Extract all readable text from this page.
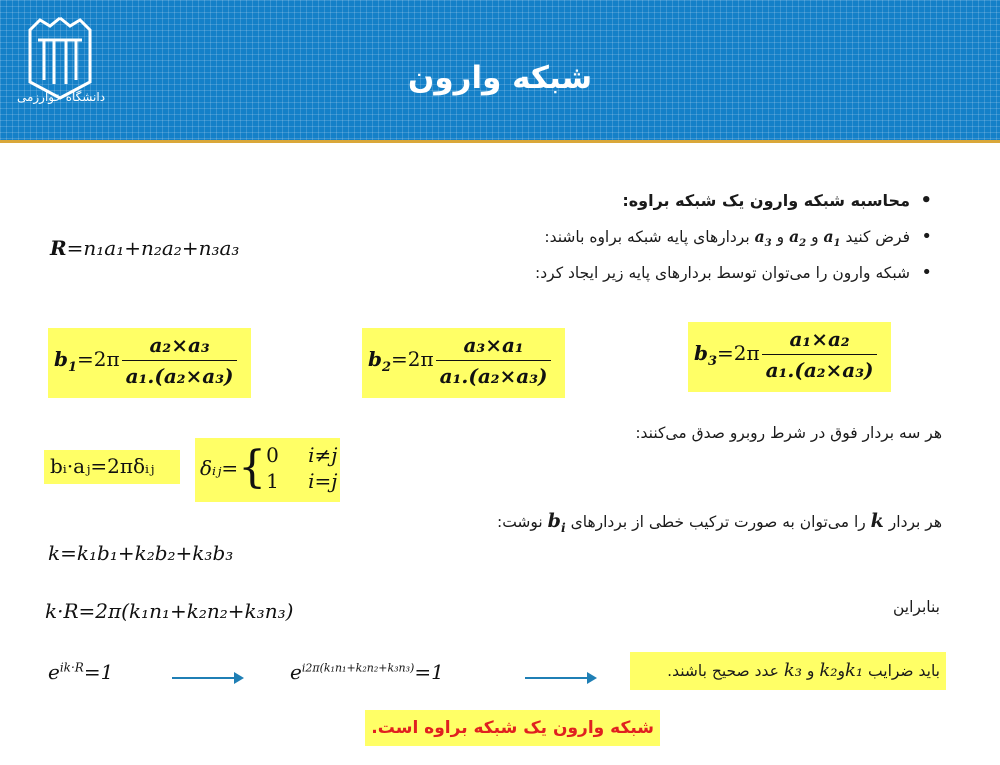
دانشگاه خوارزمی
شبکه وارون
• محاسبه شبکه وارون یک شبکه براوه:
• فرض کنید $a_1$ و $a_2$ و $a_3$ بردارهای پایه شبکه براوه باشند:
• شبکه وارون را می‌توان توسط بردارهای پایه زیر ایجاد کرد:
R=n₁a₁+n₂a₂+n₃a₃
$b_1=2\pi \frac{\text{a₂×a₃}}{\text{a₁.(a₂×a₃)}}$	$b_2=2\pi \frac{\text{a₃×a₁}}{\text{a₁.(a₂×a₃)}}$	$b_3=2\pi \frac{\text{a₁×a₂}}{\text{a₁.(a₂×a₃)}}$
هر سه بردار فوق در شرط روبرو صدق می‌کنند:
bᵢ·aⱼ=2πδᵢⱼ δᵢⱼ={ 0 i≠j
1 i=j
هر بردار k را می‌توان به صورت ترکیب خطی از بردارهای $b_i$ نوشت:
k=k₁b₁+k₂b₂+k₃b₃
بنابراین
k·R=2π(k₁n₁+k₂n₂+k₃n₃)
$e^{ik\cdot R}=1$	$e^{i2\pi(k_1n_1+k_2n_2+k_3n_3)}=1$	باید ضرایب k₁وk₂ و k₃ عدد صحیح باشند.
شبکه وارون یک شبکه براوه است.
